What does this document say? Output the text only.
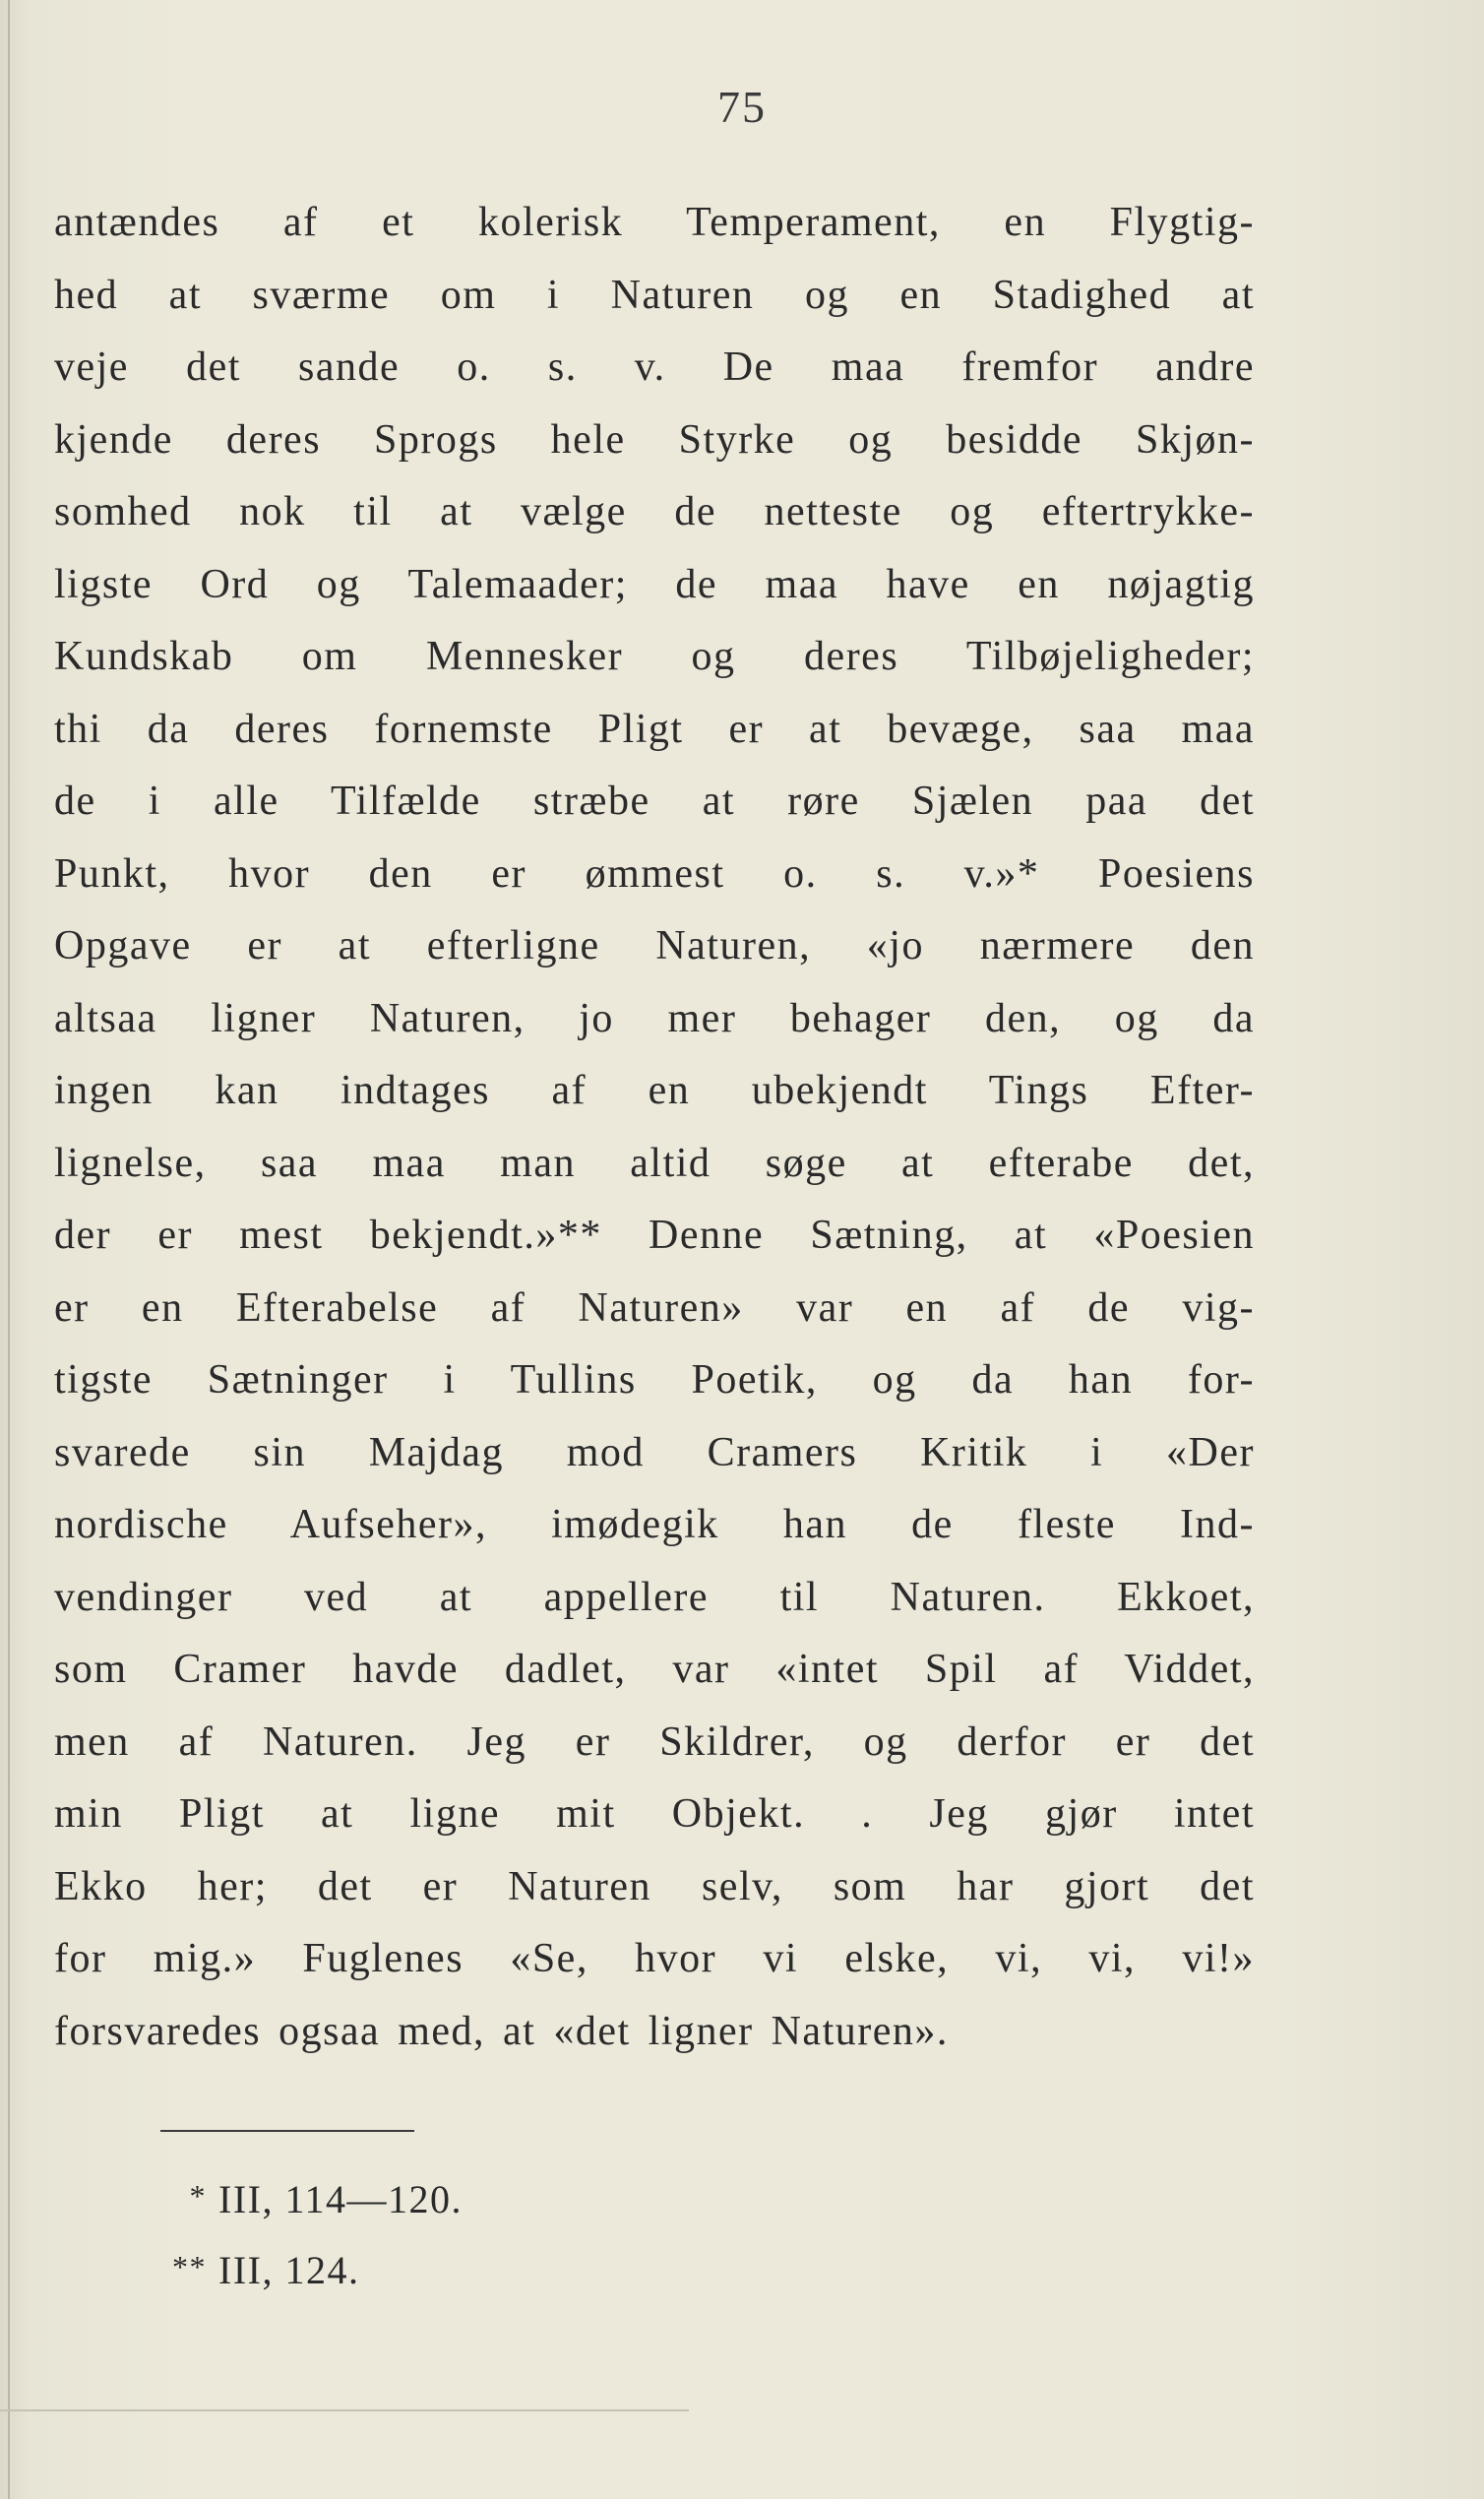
75
antændes af et kolerisk Temperament, en Flygtig-
hed at sværme om i Naturen og en Stadighed at
veje det sande o. s. v. De maa fremfor andre
kjende deres Sprogs hele Styrke og besidde Skjøn-
somhed nok til at vælge de netteste og eftertrykke-
ligste Ord og Talemaader; de maa have en nøjagtig
Kundskab om Mennesker og deres Tilbøjeligheder;
thi da deres fornemste Pligt er at bevæge, saa maa
de i alle Tilfælde stræbe at røre Sjælen paa det
Punkt, hvor den er ømmest o. s. v.»* Poesiens
Opgave er at efterligne Naturen, «jo nærmere den
altsaa ligner Naturen, jo mer behager den, og da
ingen kan indtages af en ubekjendt Tings Efter-
lignelse, saa maa man altid søge at efterabe det,
der er mest bekjendt.»** Denne Sætning, at «Poesien
er en Efterabelse af Naturen» var en af de vig-
tigste Sætninger i Tullins Poetik, og da han for-
svarede sin Majdag mod Cramers Kritik i «Der
nordische Aufseher», imødegik han de fleste Ind-
vendinger ved at appellere til Naturen. Ekkoet,
som Cramer havde dadlet, var «intet Spil af Viddet,
men af Naturen. Jeg er Skildrer, og derfor er det
min Pligt at ligne mit Objekt. . Jeg gjør intet
Ekko her; det er Naturen selv, som har gjort det
for mig.» Fuglenes «Se, hvor vi elske, vi, vi, vi!»
forsvaredes ogsaa med, at «det ligner Naturen».
* III, 114—120.
** III, 124.
